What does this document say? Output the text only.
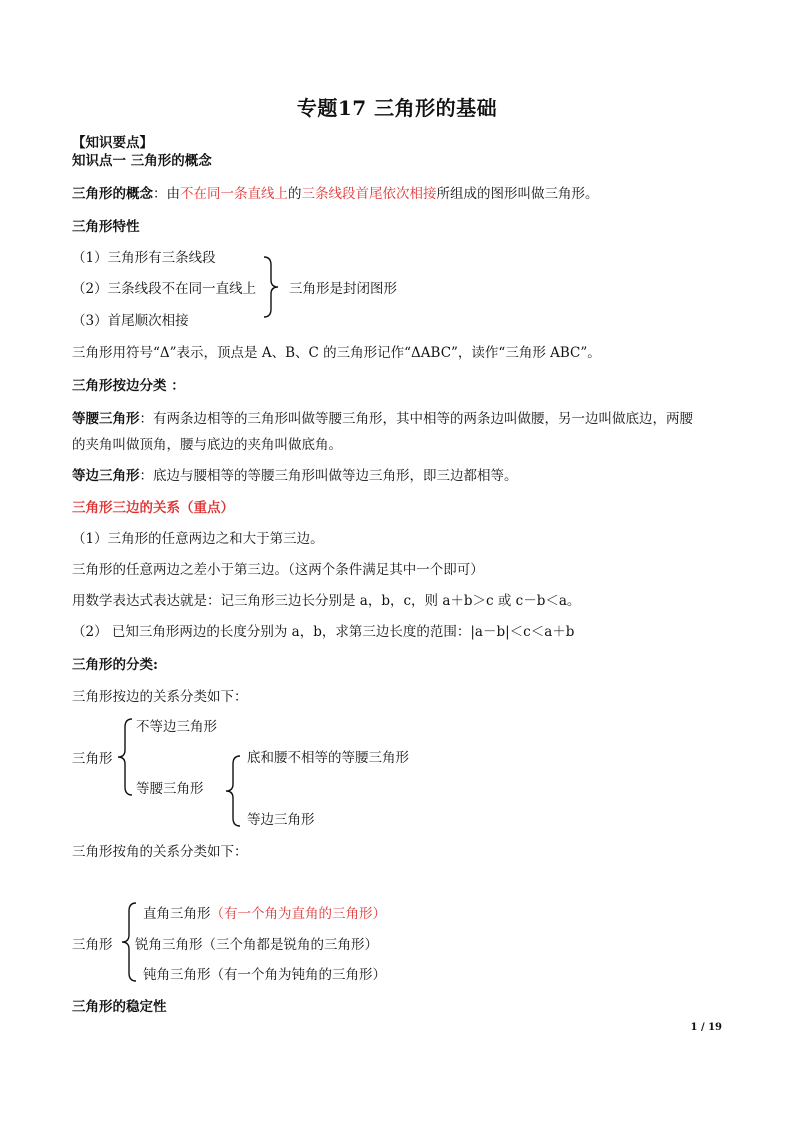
专题17 三角形的基础
【知识要点】
知识点一 三角形的概念
三角形的概念：由不在同一条直线上的三条线段首尾依次相接所组成的图形叫做三角形。
三角形特性
（1）三角形有三条线段
（2）三条线段不在同一直线上
（3）首尾顺次相接
三角形是封闭图形
三角形用符号“Δ”表示，顶点是 A、B、C 的三角形记作“ΔABC”，读作“三角形 ABC”。
三角形按边分类 ：
等腰三角形：有两条边相等的三角形叫做等腰三角形，其中相等的两条边叫做腰，另一边叫做底边，两腰
的夹角叫做顶角，腰与底边的夹角叫做底角。
等边三角形：底边与腰相等的等腰三角形叫做等边三角形，即三边都相等。
三角形三边的关系（重点）
（1）三角形的任意两边之和大于第三边。
三角形的任意两边之差小于第三边。（这两个条件满足其中一个即可）
用数学表达式表达就是：记三角形三边长分别是 a，b，c，则 a＋b＞c 或 c－b＜a。
（2） 已知三角形两边的长度分别为 a，b，求第三边长度的范围：|a－b|＜c＜a＋b
三角形的分类:
三角形按边的关系分类如下：
三角形
不等边三角形
等腰三角形
底和腰不相等的等腰三角形
等边三角形
三角形按角的关系分类如下：
三角形
直角三角形（有一个角为直角的三角形）
锐角三角形（三个角都是锐角的三角形）
钝角三角形（有一个角为钝角的三角形）
三角形的稳定性
1 / 19
